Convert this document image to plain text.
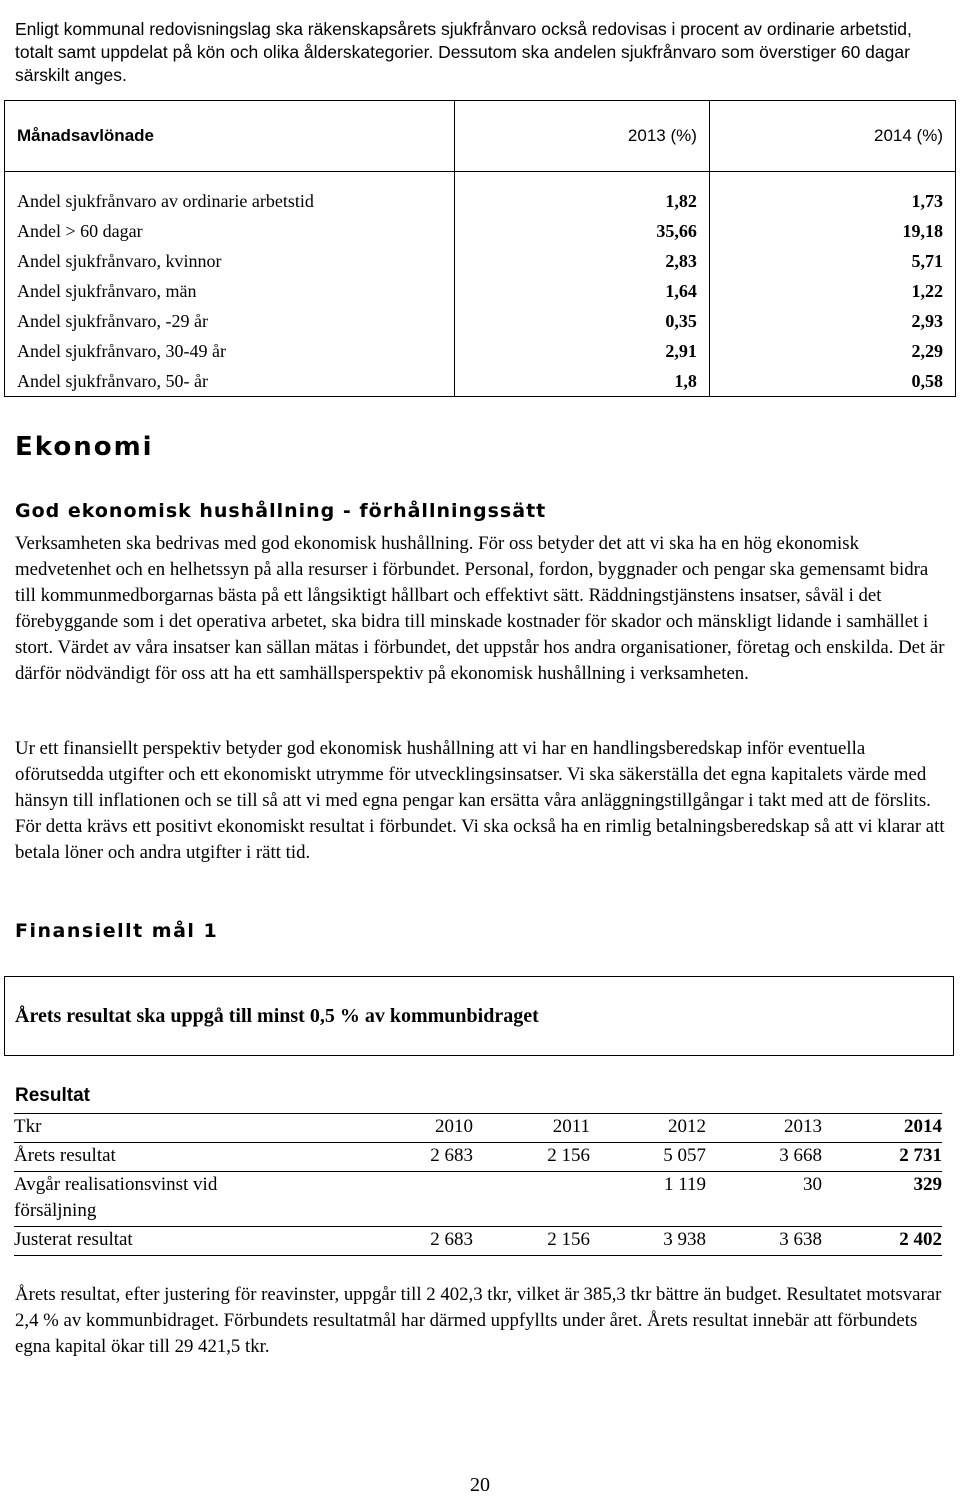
Enligt kommunal redovisningslag ska räkenskapsårets sjukfrånvaro också redovisas i procent av ordinarie arbetstid, totalt samt uppdelat på kön och olika ålderskategorier. Dessutom ska andelen sjukfrånvaro som överstiger 60 dagar särskilt anges.

Månadsavlönade	2013 (%)	2014 (%)

Andel sjukfrånvaro av ordinarie arbetstid	1,82	1,73
Andel > 60 dagar	35,66	19,18
Andel sjukfrånvaro, kvinnor	2,83	5,71
Andel sjukfrånvaro, män	1,64	1,22
Andel sjukfrånvaro, -29 år	0,35	2,93
Andel sjukfrånvaro, 30-49 år	2,91	2,29
Andel sjukfrånvaro, 50- år	1,8	0,58
Ekonomi
God ekonomisk hushållning - förhållningssätt

Verksamheten ska bedrivas med god ekonomisk hushållning. För oss betyder det att vi ska ha en hög ekonomisk medvetenhet och en helhetssyn på alla resurser i förbundet. Personal, fordon, byggnader och pengar ska gemensamt bidra till kommunmedborgarnas bästa på ett långsiktigt hållbart och effektivt sätt. Räddningstjänstens insatser, såväl i det förebyggande som i det operativa arbetet, ska bidra till minskade kostnader för skador och mänskligt lidande i samhället i stort. Värdet av våra insatser kan sällan mätas i förbundet, det uppstår hos andra organisationer, företag och enskilda. Det är därför nödvändigt för oss att ha ett samhällsperspektiv på ekonomisk hushållning i verksamheten.

Ur ett finansiellt perspektiv betyder god ekonomisk hushållning att vi har en handlingsberedskap inför eventuella oförutsedda utgifter och ett ekonomiskt utrymme för utvecklingsinsatser. Vi ska säkerställa det egna kapitalets värde med hänsyn till inflationen och se till så att vi med egna pengar kan ersätta våra anläggningstillgångar i takt med att de förslits. För detta krävs ett positivt ekonomiskt resultat i förbundet. Vi ska också ha en rimlig betalningsberedskap så att vi klarar att betala löner och andra utgifter i rätt tid.

Finansiellt mål 1
Årets resultat ska uppgå till minst 0,5 % av kommunbidraget
Resultat
Tkr	2010	2011	2012	2013	2014
Årets resultat	2 683	2 156	5 057	3 668	2 731
Avgår realisationsvinst vid försäljning			1 119	30	329
Justerat resultat	2 683	2 156	3 938	3 638	2 402

Årets resultat, efter justering för reavinster, uppgår till 2 402,3 tkr, vilket är 385,3 tkr bättre än budget. Resultatet motsvarar 2,4 % av kommunbidraget. Förbundets resultatmål har därmed uppfyllts under året. Årets resultat innebär att förbundets egna kapital ökar till 29 421,5 tkr.

20
